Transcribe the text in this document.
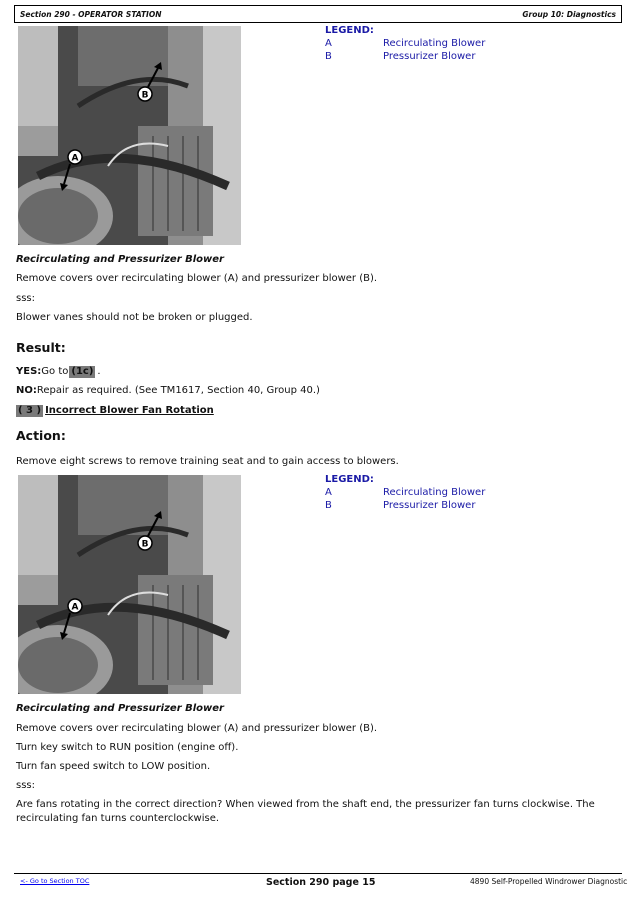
Section 290 - OPERATOR STATION	Group 10: Diagnostics
A
B
LEGEND:
A	Recirculating Blower
B	Pressurizer Blower
Recirculating and Pressurizer Blower
Remove covers over recirculating blower (A) and pressurizer blower (B).
sss:
Blower vanes should not be broken or plugged.
Result:
YES:Go to (1c) .
NO:Repair as required. (See TM1617, Section 40, Group 40.)
( 3 ) Incorrect Blower Fan Rotation
Action:
Remove eight screws to remove training seat and to gain access to blowers.
A
B
LEGEND:
A	Recirculating Blower
B	Pressurizer Blower
Recirculating and Pressurizer Blower
Remove covers over recirculating blower (A) and pressurizer blower (B).
Turn key switch to RUN position (engine off).
Turn fan speed switch to LOW position.
sss:
Are fans rotating in the correct direction? When viewed from the shaft end, the pressurizer fan turns clockwise. The
recirculating fan turns counterclockwise.
<- Go to Section TOC	Section 290 page 15	4890 Self-Propelled Windrower Diagnostic
